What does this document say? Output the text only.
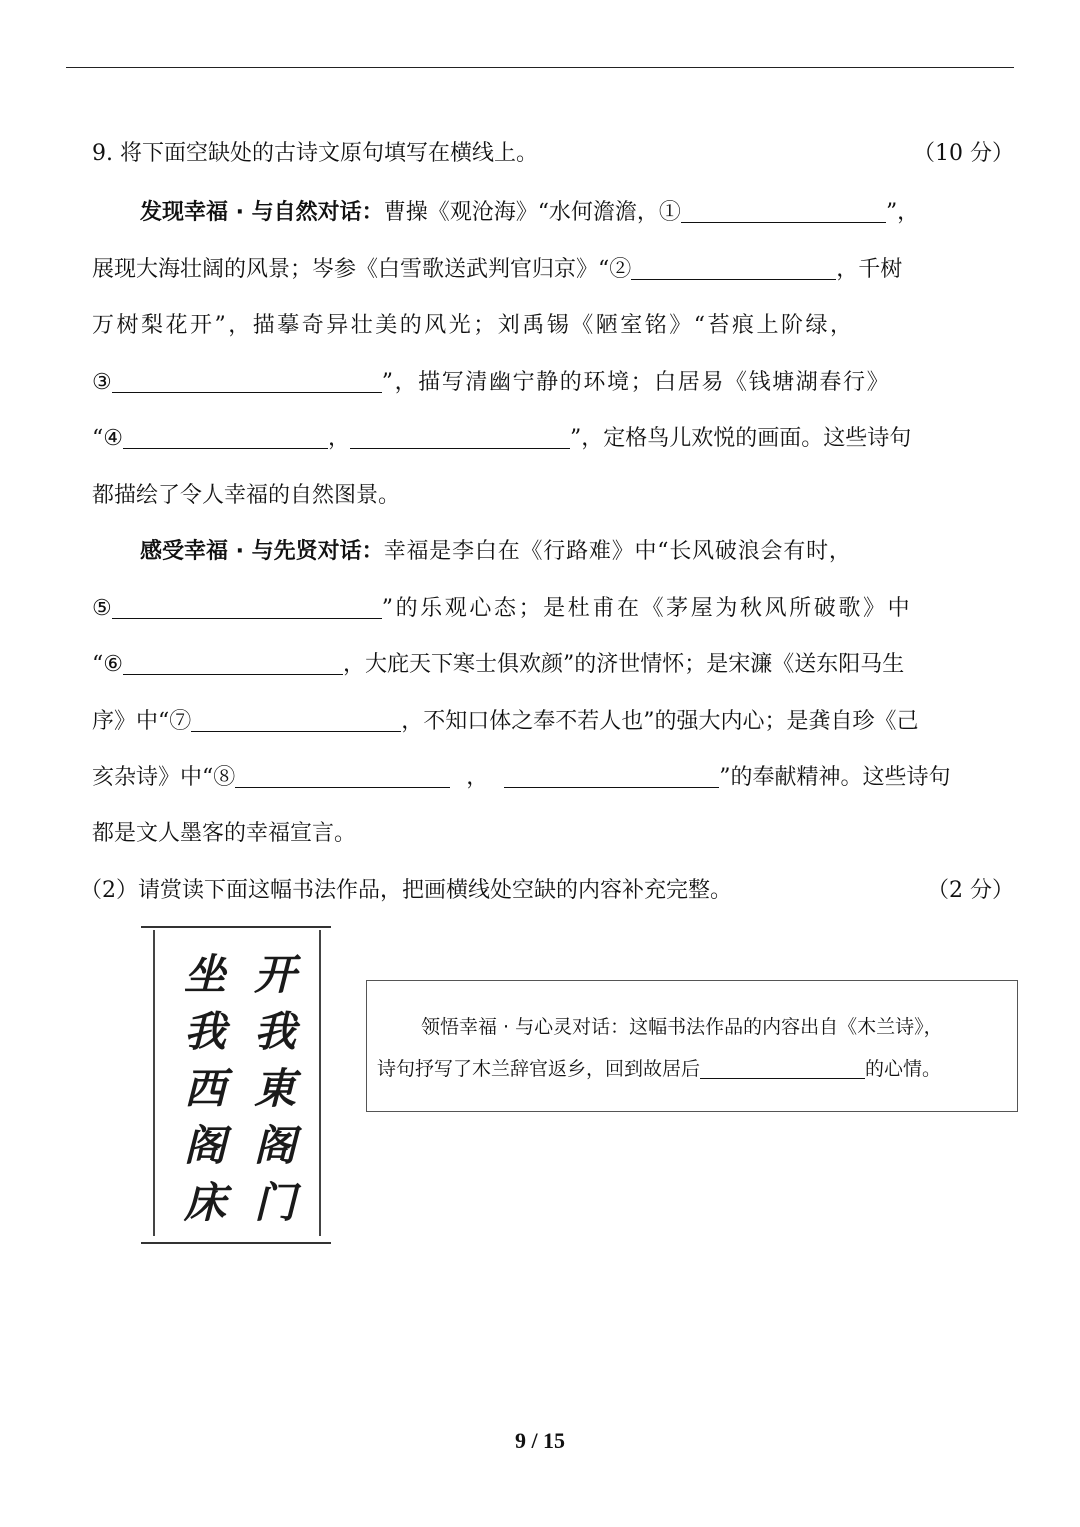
9. 将下面空缺处的古诗文原句填写在横线上。	（10 分）
发现幸福 · 与自然对话：曹操《观沧海》“水何澹澹，①	”，
展现大海壮阔的风景；岑参《白雪歌送武判官归京》“②	，千树
万树梨花开”，描摹奇异壮美的风光；刘禹锡《陋室铭》“苔痕上阶绿，
③	”，描写清幽宁静的环境；白居易《钱塘湖春行》
“④	，	”，定格鸟儿欢悦的画面。这些诗句
都描绘了令人幸福的自然图景。
感受幸福 · 与先贤对话：幸福是李白在《行路难》中“长风破浪会有时，
⑤	”的乐观心态；是杜甫在《茅屋为秋风所破歌》中
“⑥	，大庇天下寒士俱欢颜”的济世情怀；是宋濂《送东阳马生
序》中“⑦	，不知口体之奉不若人也”的强大内心；是龚自珍《己
亥杂诗》中“⑧	，	”的奉献精神。这些诗句
都是文人墨客的幸福宣言。
（2）请赏读下面这幅书法作品，把画横线处空缺的内容补充完整。	（2 分）
开
我
東
阁
门
坐
我
西
阁
床
领悟幸福 · 与心灵对话：这幅书法作品的内容出自《木兰诗》，
诗句抒写了木兰辞官返乡，回到故居后	的心情。
9 / 15
